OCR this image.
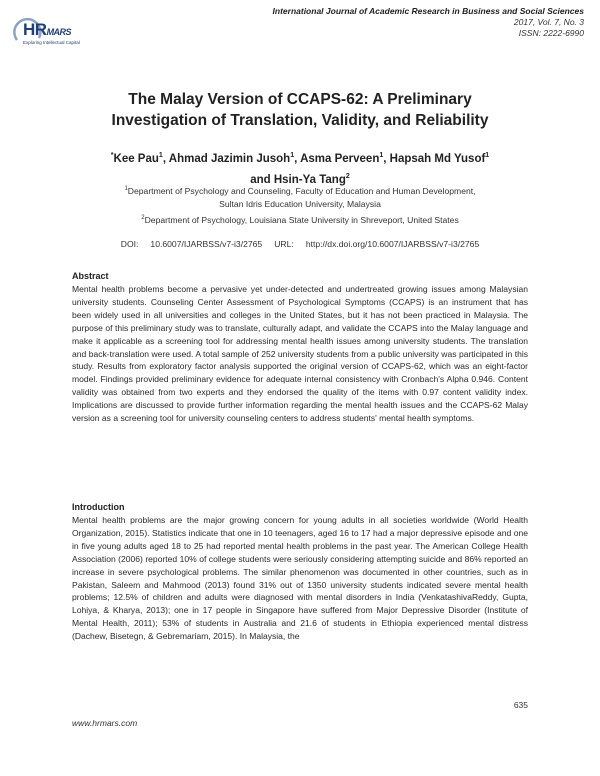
HRMARS
Exploring Intellectual Capital
International Journal of Academic Research in Business and Social Sciences
2017, Vol. 7, No. 3
ISSN: 2222-6990
The Malay Version of CCAPS-62: A Preliminary
Investigation of Translation, Validity, and Reliability
*Kee Pau$^1$, Ahmad Jazimin Jusoh$^1$, Asma Perveen$^1$, Hapsah Md Yusof$^1$
and Hsin-Ya Tang$^2$
$^1$Department of Psychology and Counseling, Faculty of Education and Human Development,
Sultan Idris Education University, Malaysia
$^2$Department of Psychology, Louisiana State University in Shreveport, United States
DOI: 10.6007/IJARBSS/v7-i3/2765 URL: http://dx.doi.org/10.6007/IJARBSS/v7-i3/2765
Abstract
Mental health problems become a pervasive yet under-detected and undertreated growing issues among Malaysian university students. Counseling Center Assessment of Psychological Symptoms (CCAPS) is an instrument that has been widely used in all universities and colleges in the United States, but it has not been practiced in Malaysia. The purpose of this preliminary study was to translate, culturally adapt, and validate the CCAPS into the Malay language and make it applicable as a screening tool for addressing mental health issues among university students. The translation and back-translation were used. A total sample of 252 university students from a public university was participated in this study. Results from exploratory factor analysis supported the original version of CCAPS-62, which was an eight-factor model. Findings provided preliminary evidence for adequate internal consistency with Cronbach's Alpha 0.946. Content validity was obtained from two experts and they endorsed the quality of the items with 0.97 content validity index. Implications are discussed to provide further information regarding the mental health issues and the CCAPS-62 Malay version as a screening tool for university counseling centers to address students' mental health symptoms.
Introduction
Mental health problems are the major growing concern for young adults in all societies worldwide (World Health Organization, 2015). Statistics indicate that one in 10 teenagers, aged 16 to 17 had a major depressive episode and one in five young adults aged 18 to 25 had reported mental health problems in the past year. The American College Health Association (2006) reported 10% of college students were seriously considering attempting suicide and 86% reported an increase in severe psychological problems. The similar phenomenon was documented in other countries, such as in Pakistan, Saleem and Mahmood (2013) found 31% out of 1350 university students indicated severe mental health problems; 12.5% of children and adults were diagnosed with mental disorders in India (VenkatashivaReddy, Gupta, Lohiya, & Kharya, 2013); one in 17 people in Singapore have suffered from Major Depressive Disorder (Institute of Mental Health, 2011); 53% of students in Australia and 21.6 of students in Ethiopia experienced mental distress (Dachew, Bisetegn, & Gebremariam, 2015). In Malaysia, the
635
www.hrmars.com
